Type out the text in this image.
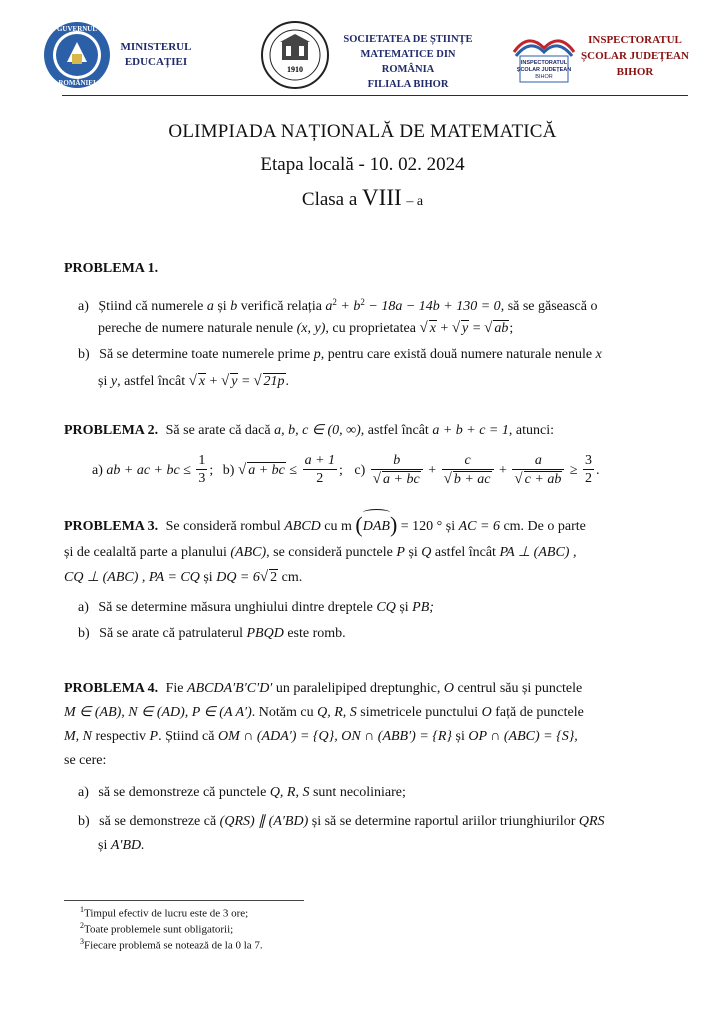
GUVERNUL
ROMÂNIEI
MINISTERUL
EDUCAȚIEI
1910
SOCIETATEA DE ȘTIINȚE
MATEMATICE DIN ROMÂNIA
FILIALA BIHOR
INSPECTORATUL
ȘCOLAR JUDEȚEAN
BIHOR
INSPECTORATUL
ȘCOLAR JUDEȚEAN
BIHOR
OLIMPIADA NAȚIONALĂ DE MATEMATICĂ
Etapa locală - 10. 02. 2024
Clasa a VIII – a
PROBLEMA 1.
a) Știind că numerele a și b verifică relația $a^2 + b^2 - 18a - 14b + 130 = 0$, să se găsească o
pereche de numere naturale nenule (x, y), cu proprietatea √ x + √ y = √ ab;
b) Să se determine toate numerele prime p, pentru care există două numere naturale nenule x
și y, astfel încât √ x + √ y = √ 21p.
PROBLEMA 2. Să se arate că dacă a, b, c ∈ (0, ∞), astfel încât a + b + c = 1, atunci:
a) ab + ac + bc ≤ $\frac{1}{3}$ ; b) √ a + bc ≤ $\frac{a + 1}{2}$ ; $c) \frac{b}{√ a + bc} + \frac{c}{√ b + ac} + \frac{a}{√ c + ab} \ge \frac{3}{2}$ .
PROBLEMA 3. Se consideră rombul ABCD cu m (DAB) = 120 ° și AC = 6 cm. De o parte
și de cealaltă parte a planului (ABC), se consideră punctele P și Q astfel încât PA ⊥ (ABC) ,
CQ ⊥ (ABC) , PA = CQ și DQ = 6√ 2 cm.
a) Să se determine măsura unghiului dintre dreptele CQ și PB;
b) Să se arate că patrulaterul PBQD este romb.
PROBLEMA 4. Fie ABCDA′B′C′D′ un paralelipiped dreptunghic, O centrul său și punctele
M ∈ (AB), N ∈ (AD), P ∈ (A A′). Notăm cu Q, R, S simetricele punctului O față de punctele
M, N respectiv P. Știind că OM ∩ (ADA′) = {Q}, ON ∩ (ABB′) = {R} și OP ∩ (ABC) = {S},
se cere:
a) să se demonstreze că punctele Q, R, S sunt necoliniare;
b) să se demonstreze că (QRS) ∥ (A′BD) și să se determine raportul ariilor triunghiurilor QRS
și A′BD.
$^1$Timpul efectiv de lucru este de 3 ore;
$^2$Toate problemele sunt obligatorii;
$^3$Fiecare problemă se notează de la 0 la 7.
